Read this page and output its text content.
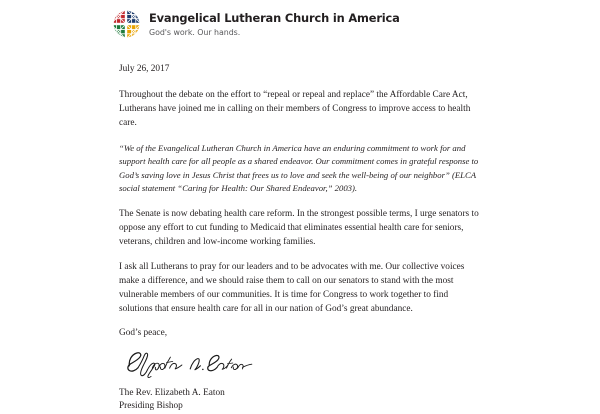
Evangelical Lutheran Church in America
God's work. Our hands.
July 26, 2017

Throughout the debate on the effort to “repeal or repeal and replace” the Affordable Care Act, Lutherans have joined me in calling on their members of Congress to improve access to health care.

“We of the Evangelical Lutheran Church in America have an enduring commitment to work for and support health care for all people as a shared endeavor. Our commitment comes in grateful response to God’s saving love in Jesus Christ that frees us to love and seek the well-being of our neighbor” (ELCA social statement “Caring for Health: Our Shared Endeavor,” 2003).

The Senate is now debating health care reform. In the strongest possible terms, I urge senators to oppose any effort to cut funding to Medicaid that eliminates essential health care for seniors, veterans, children and low-income working families.

I ask all Lutherans to pray for our leaders and to be advocates with me. Our collective voices make a difference, and we should raise them to call on our senators to stand with the most vulnerable members of our communities. It is time for Congress to work together to find solutions that ensure health care for all in our nation of God’s great abundance.

God’s peace,
The Rev. Elizabeth A. Eaton
Presiding Bishop
